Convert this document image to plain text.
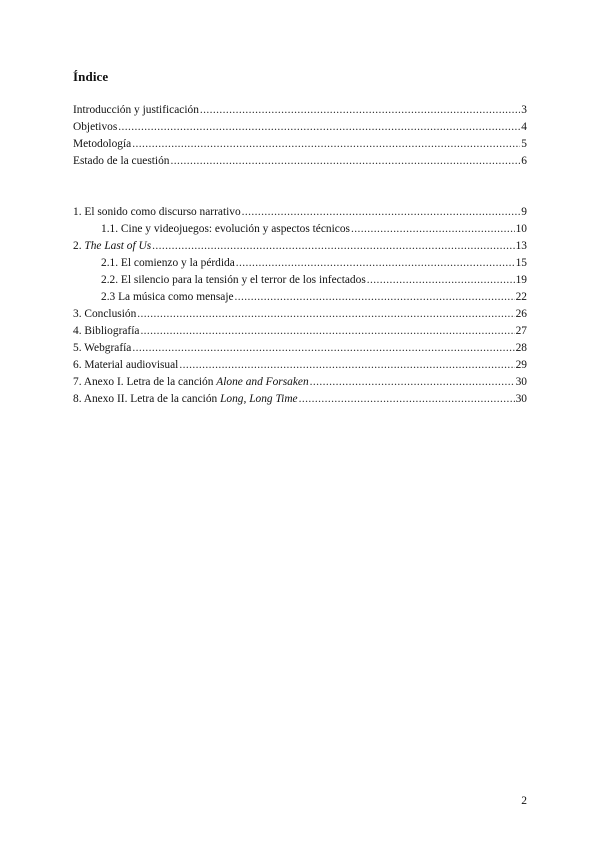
Índice
Introducción y justificación .....	3
Objetivos .....	4
Metodología .....	5
Estado de la cuestión .....	6
1. El sonido como discurso narrativo .....	9
1.1. Cine y videojuegos: evolución y aspectos técnicos .....	10
2. The Last of Us .....	13
2.1. El comienzo y la pérdida .....	15
2.2. El silencio para la tensión y el terror de los infectados .....	19
2.3 La música como mensaje .....	22
3. Conclusión .....	26
4. Bibliografía .....	27
5. Webgrafía .....	28
6. Material audiovisual .....	29
7. Anexo I. Letra de la canción Alone and Forsaken .....	30
8. Anexo II. Letra de la canción Long, Long Time .....	30
2
